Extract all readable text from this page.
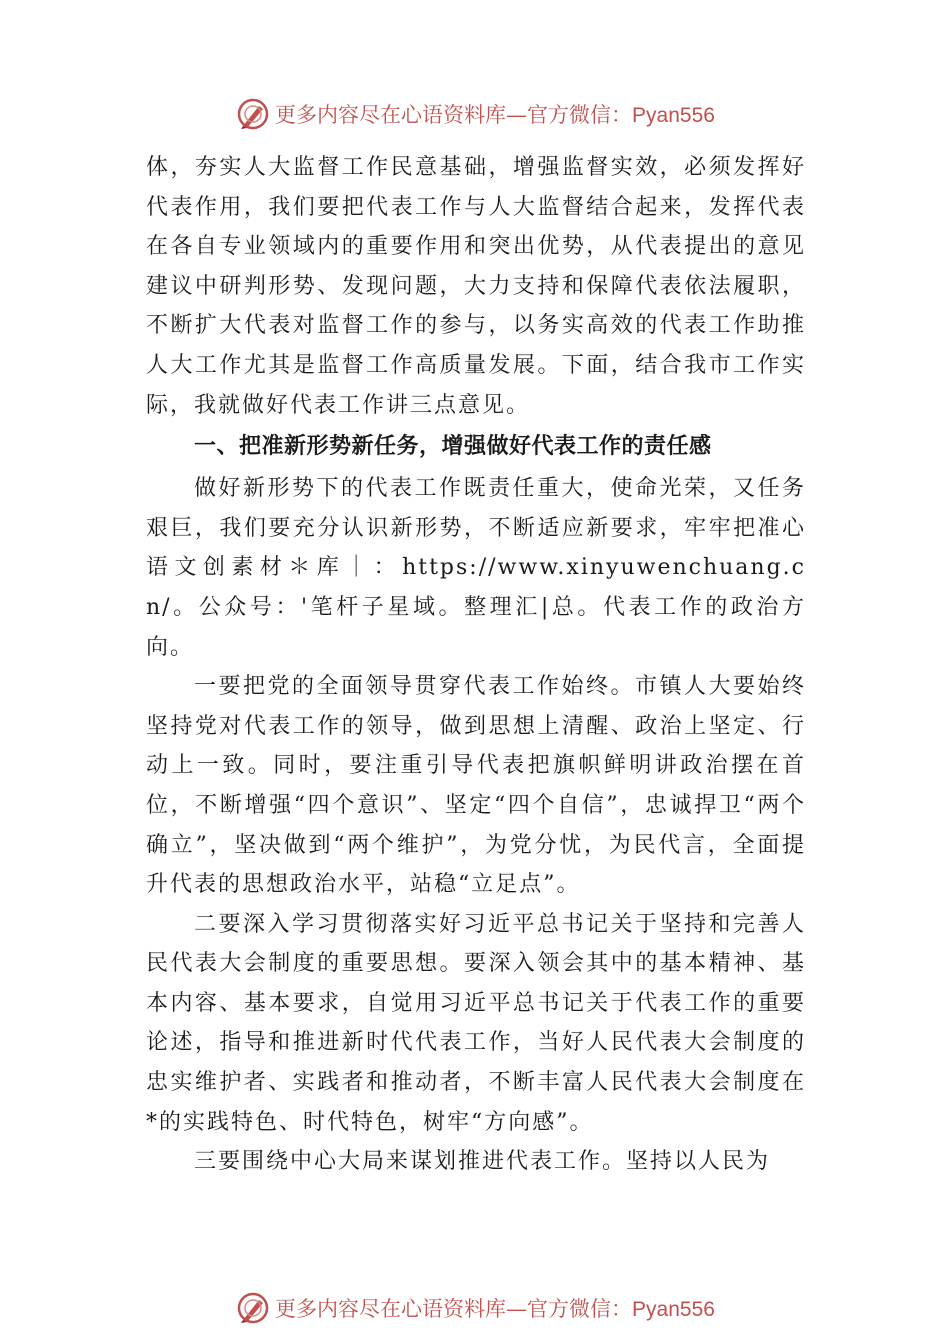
更多内容尽在心语资料库—官方微信：Pyan556

体，夯实人大监督工作民意基础，增强监督实效，必须发挥好代表作用，我们要把代表工作与人大监督结合起来，发挥代表在各自专业领域内的重要作用和突出优势，从代表提出的意见建议中研判形势、发现问题，大力支持和保障代表依法履职，不断扩大代表对监督工作的参与，以务实高效的代表工作助推人大工作尤其是监督工作高质量发展。下面，结合我市工作实际，我就做好代表工作讲三点意见。

一、把准新形势新任务，增强做好代表工作的责任感

做好新形势下的代表工作既责任重大，使命光荣，又任务艰巨，我们要充分认识新形势，不断适应新要求，牢牢把准心语文创素材＊库｜：https://www.xinyuwenchuang.cn/。公众号：'笔杆子星域。整理汇|总。代表工作的政治方向。

一要把党的全面领导贯穿代表工作始终。市镇人大要始终坚持党对代表工作的领导，做到思想上清醒、政治上坚定、行动上一致。同时，要注重引导代表把旗帜鲜明讲政治摆在首位，不断增强“四个意识”、坚定“四个自信”，忠诚捍卫“两个确立”，坚决做到“两个维护”，为党分忧，为民代言，全面提升代表的思想政治水平，站稳“立足点”。

二要深入学习贯彻落实好习近平总书记关于坚持和完善人民代表大会制度的重要思想。要深入领会其中的基本精神、基本内容、基本要求，自觉用习近平总书记关于代表工作的重要论述，指导和推进新时代代表工作，当好人民代表大会制度的忠实维护者、实践者和推动者，不断丰富人民代表大会制度在*的实践特色、时代特色，树牢“方向感”。

三要围绕中心大局来谋划推进代表工作。坚持以人民为

更多内容尽在心语资料库—官方微信：Pyan556
